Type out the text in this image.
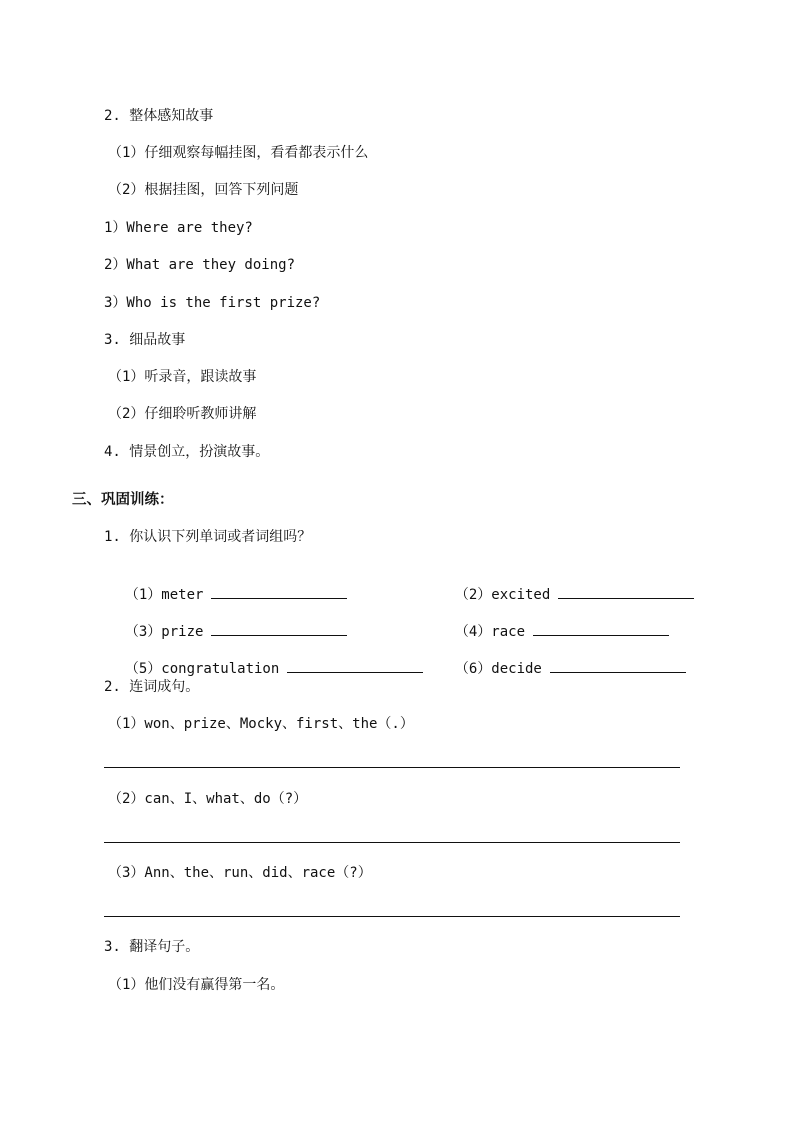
2. 整体感知故事
（1）仔细观察每幅挂图，看看都表示什么
（2）根据挂图，回答下列问题
1）Where are they?
2）What are they doing?
3）Who is the first prize?
3. 细品故事
（1）听录音，跟读故事
（2）仔细聆听教师讲解
4. 情景创立，扮演故事。
三、巩固训练：
1. 你认识下列单词或者词组吗？

（1）meter	（2）excited

（3）prize	（4）race

（5）congratulation	（6）decide

2. 连词成句。
（1）won、prize、Mocky、first、the（.）
（2）can、I、what、do（?）
（3）Ann、the、run、did、race（?）
3. 翻译句子。
（1）他们没有赢得第一名。
